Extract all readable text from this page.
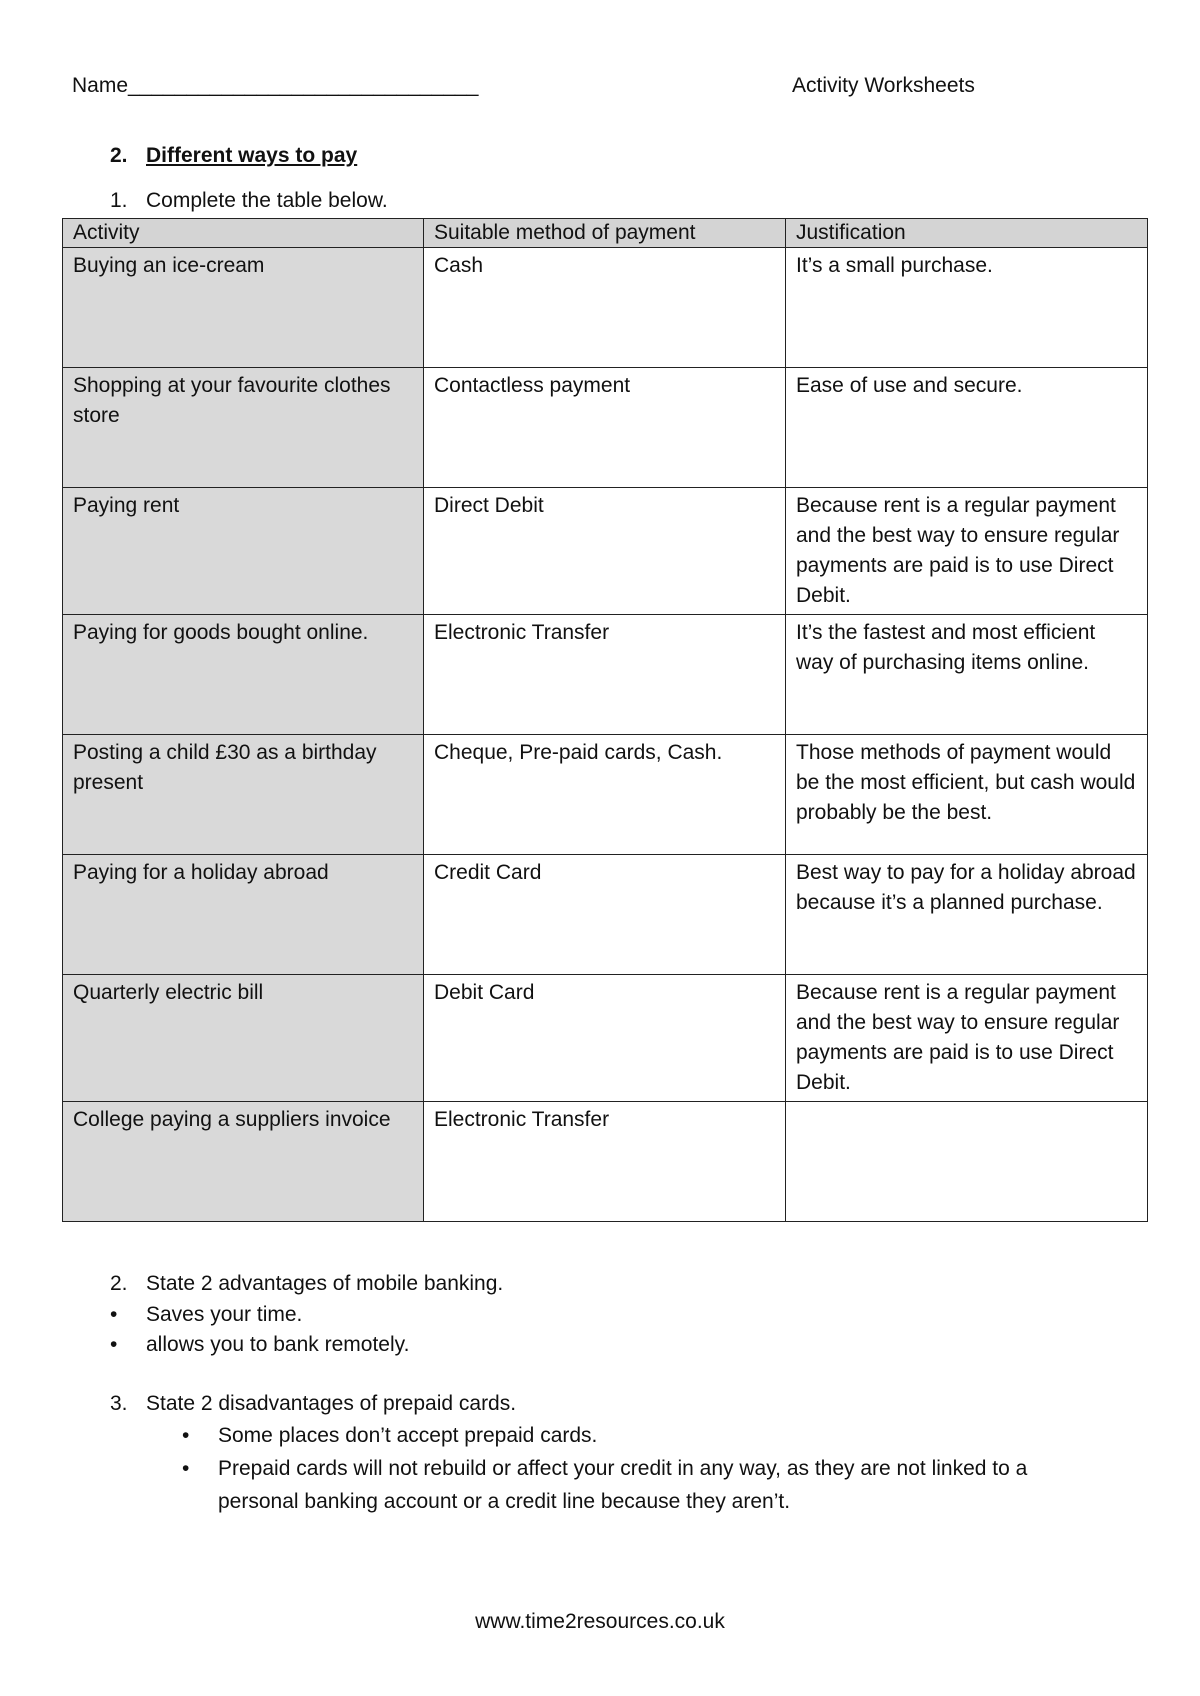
Name______________________________	Activity Worksheets
2. Different ways to pay
1. Complete the table below.
Activity	Suitable method of payment	Justification
Buying an ice-cream	Cash	It’s a small purchase.
Shopping at your favourite clothes store	Contactless payment	Ease of use and secure.
Paying rent	Direct Debit	Because rent is a regular payment and the best way to ensure regular payments are paid is to use Direct Debit.
Paying for goods bought online.	Electronic Transfer	It’s the fastest and most efficient way of purchasing items online.
Posting a child £30 as a birthday present	Cheque, Pre-paid cards, Cash.	Those methods of payment would be the most efficient, but cash would probably be the best.
Paying for a holiday abroad	Credit Card	Best way to pay for a holiday abroad because it’s a planned purchase.
Quarterly electric bill	Debit Card	Because rent is a regular payment and the best way to ensure regular payments are paid is to use Direct Debit.
College paying a suppliers invoice	Electronic Transfer	
2. State 2 advantages of mobile banking.
• Saves your time.
• allows you to bank remotely.
3. State 2 disadvantages of prepaid cards.
• Some places don’t accept prepaid cards.
• Prepaid cards will not rebuild or affect your credit in any way, as they are not linked to a personal banking account or a credit line because they aren’t.
www.time2resources.co.uk
